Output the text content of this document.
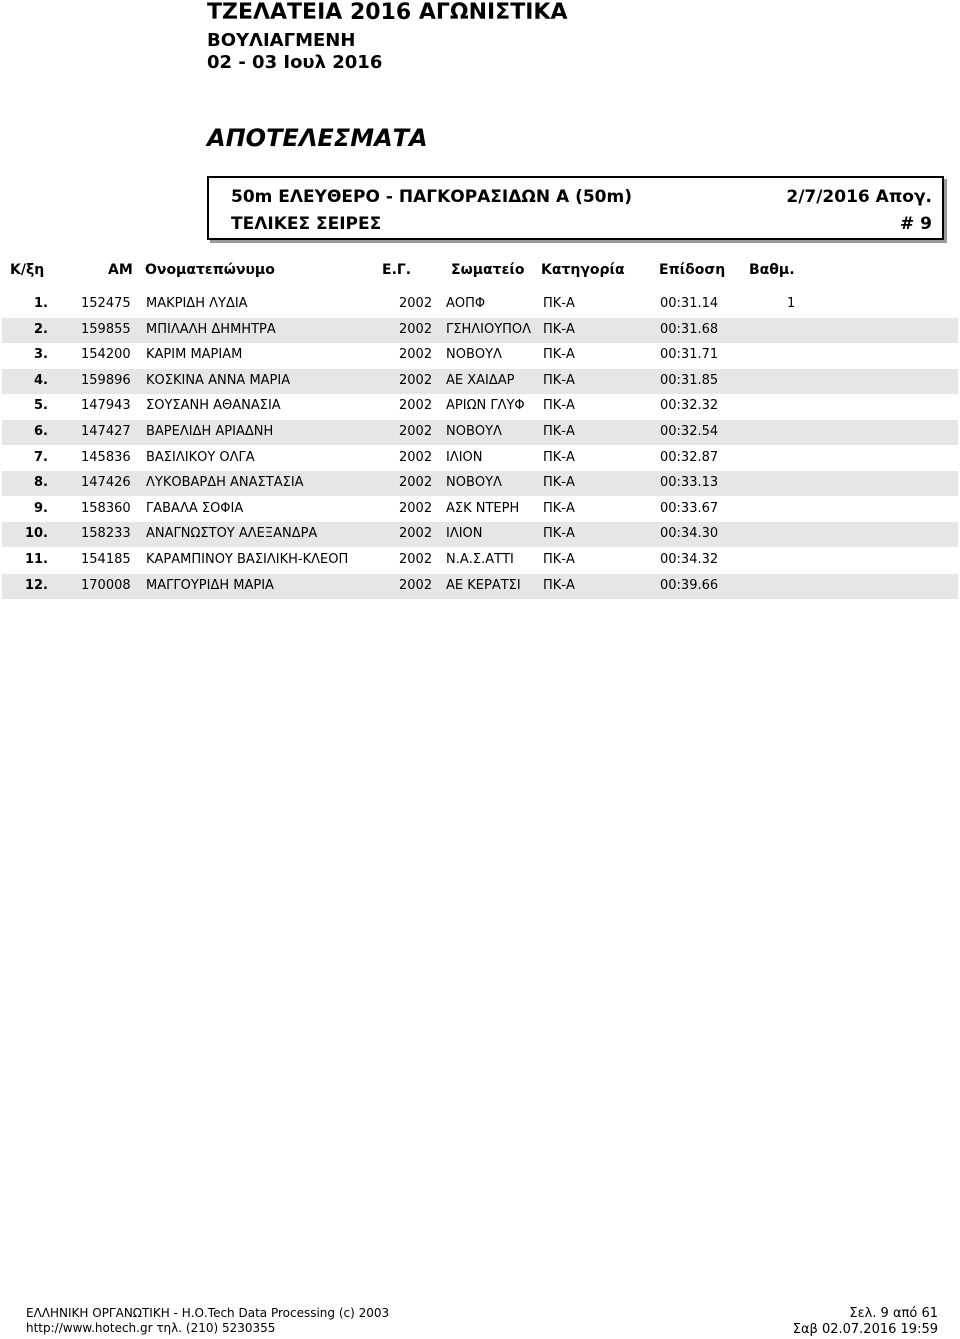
ΤΖΕΛΑΤΕΙΑ 2016 ΑΓΩΝΙΣΤΙΚΑ
ΒΟΥΛΙΑΓΜΕΝΗ
02 - 03 Ιουλ 2016
ΑΠΟΤΕΛΕΣΜΑΤΑ
50m ΕΛΕΥΘΕΡΟ - ΠΑΓΚΟΡΑΣΙΔΩΝ Α (50m)	2/7/2016 Απογ.
ΤΕΛΙΚΕΣ ΣΕΙΡΕΣ	# 9
Κ/ξη	ΑΜ Ονοματεπώνυμο	Ε.Γ.	Σωματείο Κατηγορία Επίδοση Βαθμ.
1.	152475 ΜΑΚΡΙΔΗ ΛΥΔΙΑ	2002 ΑΟΠΦ	ΠΚ-Α	00:31.14	1
2.	159855 ΜΠΙΛΑΛΗ ΔΗΜΗΤΡΑ	2002 ΓΣΗΛΙΟΥΠΟΛ ΠΚ-Α	00:31.68
3.	154200 ΚΑΡΙΜ ΜΑΡΙΑΜ	2002 ΝΟΒΟΥΛ	ΠΚ-Α	00:31.71
4.	159896 ΚΟΣΚΙΝΑ ΑΝΝΑ ΜΑΡΙΑ	2002 ΑΕ ΧΑΙΔΑΡ ΠΚ-Α	00:31.85
5.	147943 ΣΟΥΣΑΝΗ ΑΘΑΝΑΣΙΑ	2002 ΑΡΙΩΝ ΓΛΥΦ ΠΚ-Α	00:32.32
6.	147427 ΒΑΡΕΛΙΔΗ ΑΡΙΑΔΝΗ	2002 ΝΟΒΟΥΛ	ΠΚ-Α	00:32.54
7.	145836 ΒΑΣΙΛΙΚΟΥ ΟΛΓΑ	2002 ΙΛΙΟΝ	ΠΚ-Α	00:32.87
8.	147426 ΛΥΚΟΒΑΡΔΗ ΑΝΑΣΤΑΣΙΑ	2002 ΝΟΒΟΥΛ	ΠΚ-Α	00:33.13
9.	158360 ΓΑΒΑΛΑ ΣΟΦΙΑ	2002 ΑΣΚ ΝΤΕΡΗ ΠΚ-Α	00:33.67
10.	158233 ΑΝΑΓΝΩΣΤΟΥ ΑΛΕΞΑΝΔΡΑ	2002 ΙΛΙΟΝ	ΠΚ-Α	00:34.30
11.	154185 ΚΑΡΑΜΠΙΝΟΥ ΒΑΣΙΛΙΚΗ-ΚΛΕΟΠ	2002 Ν.Α.Σ.ΑΤΤΙ ΠΚ-Α	00:34.32
12.	170008 ΜΑΓΓΟΥΡΙΔΗ ΜΑΡΙΑ	2002 ΑΕ ΚΕΡΑΤΣΙ ΠΚ-Α	00:39.66
ΕΛΛΗΝΙΚΗ ΟΡΓΑΝΩΤΙΚΗ - Η.Ο.Tech Data Processing (c) 2003
http://www.hotech.gr τηλ. (210) 5230355
Σελ. 9 από 61
Σαβ 02.07.2016 19:59
